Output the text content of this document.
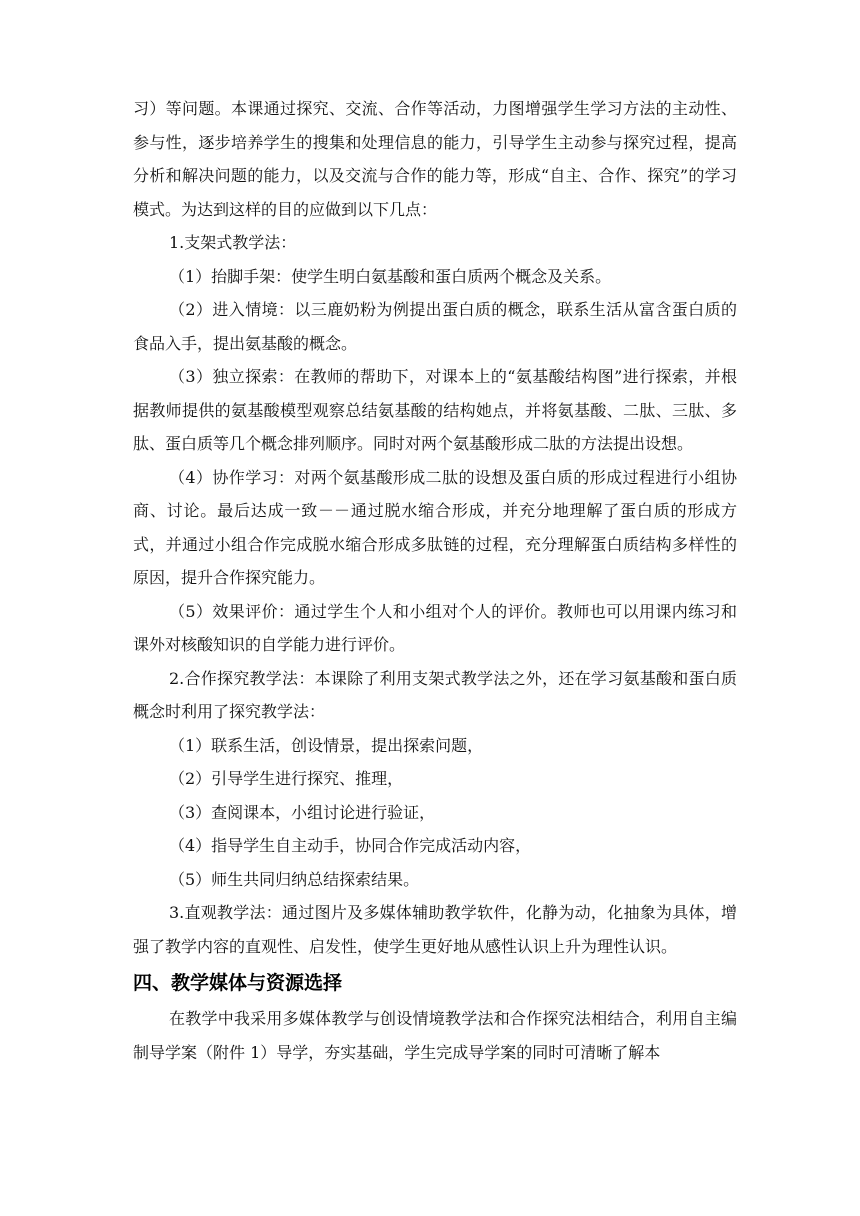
习）等问题。本课通过探究、交流、合作等活动，力图增强学生学习方法的主动性、参与性，逐步培养学生的搜集和处理信息的能力，引导学生主动参与探究过程，提高分析和解决问题的能力，以及交流与合作的能力等，形成“自主、合作、探究”的学习模式。为达到这样的目的应做到以下几点：

1.支架式教学法：

（1）抬脚手架：使学生明白氨基酸和蛋白质两个概念及关系。

（2）进入情境：以三鹿奶粉为例提出蛋白质的概念，联系生活从富含蛋白质的食品入手，提出氨基酸的概念。

（3）独立探索：在教师的帮助下，对课本上的“氨基酸结构图”进行探索，并根据教师提供的氨基酸模型观察总结氨基酸的结构她点，并将氨基酸、二肽、三肽、多肽、蛋白质等几个概念排列顺序。同时对两个氨基酸形成二肽的方法提出设想。

（4）协作学习：对两个氨基酸形成二肽的设想及蛋白质的形成过程进行小组协商、讨论。最后达成一致－－通过脱水缩合形成，并充分地理解了蛋白质的形成方式，并通过小组合作完成脱水缩合形成多肽链的过程，充分理解蛋白质结构多样性的原因，提升合作探究能力。

（5）效果评价：通过学生个人和小组对个人的评价。教师也可以用课内练习和课外对核酸知识的自学能力进行评价。

2.合作探究教学法：本课除了利用支架式教学法之外，还在学习氨基酸和蛋白质概念时利用了探究教学法：

（1）联系生活，创设情景，提出探索问题，

（2）引导学生进行探究、推理，

（3）查阅课本，小组讨论进行验证，

（4）指导学生自主动手，协同合作完成活动内容，

（5）师生共同归纳总结探索结果。

3.直观教学法：通过图片及多媒体辅助教学软件，化静为动，化抽象为具体，增强了教学内容的直观性、启发性，使学生更好地从感性认识上升为理性认识。

四、教学媒体与资源选择

在教学中我采用多媒体教学与创设情境教学法和合作探究法相结合，利用自主编制导学案（附件 1）导学，夯实基础，学生完成导学案的同时可清晰了解本
